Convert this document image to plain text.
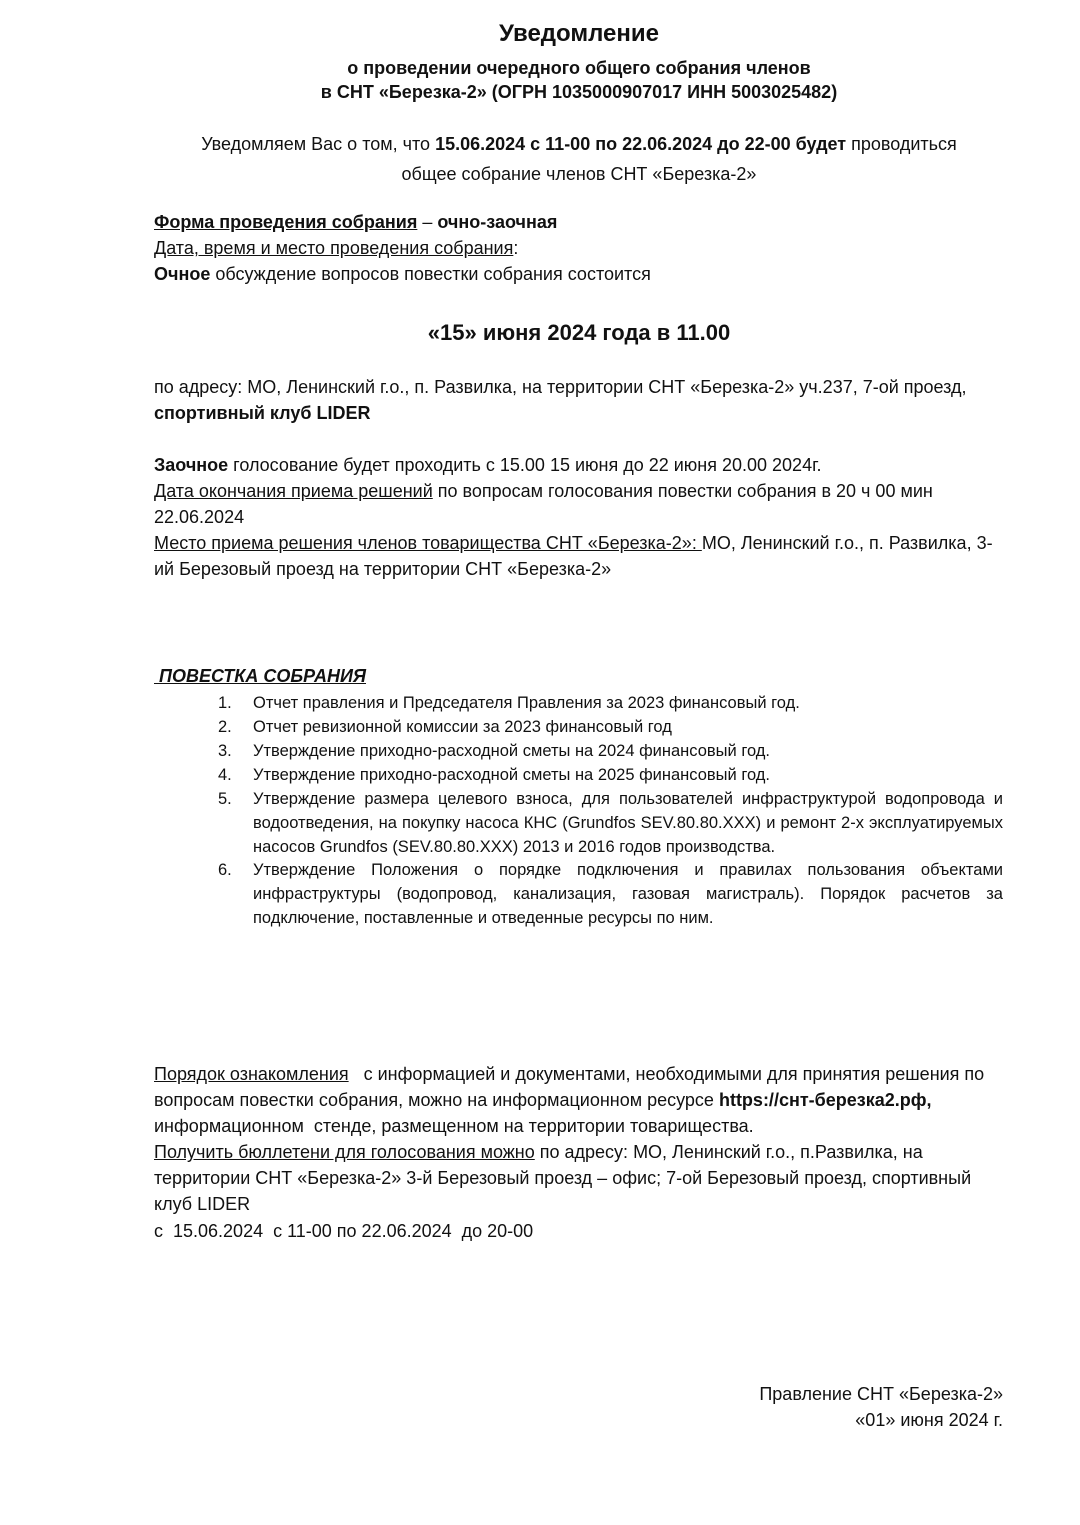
Уведомление
о проведении очередного общего собрания членов
в СНТ «Березка-2» (ОГРН 1035000907017 ИНН 5003025482)
Уведомляем Вас о том, что 15.06.2024 с 11-00 по 22.06.2024 до 22-00 будет проводиться
общее собрание членов СНТ «Березка-2»

Форма проведения собрания – очно-заочная
Дата, время и место проведения собрания:
Очное обсуждение вопросов повестки собрания состоится

«15» июня 2024 года в 11.00

по адресу: МО, Ленинский г.о., п. Развилка, на территории СНТ «Березка-2» уч.237, 7-ой проезд, спортивный клуб LIDER

Заочное голосование будет проходить с 15.00 15 июня до 22 июня 20.00 2024г.
Дата окончания приема решений по вопросам голосования повестки собрания в 20 ч 00 мин 22.06.2024
Место приема решения членов товарищества СНТ «Березка-2»: МО, Ленинский г.о., п. Развилка, 3-ий Березовый проезд на территории СНТ «Березка-2»

ПОВЕСТКА СОБРАНИЯ
1. Отчет правления и Председателя Правления за 2023 финансовый год.
2. Отчет ревизионной комиссии за 2023 финансовый год
3. Утверждение приходно-расходной сметы на 2024 финансовый год.
4. Утверждение приходно-расходной сметы на 2025 финансовый год.
5. Утверждение размера целевого взноса, для пользователей инфраструктурой водопровода и водоотведения, на покупку насоса КНС (Grundfos SEV.80.80.XXX) и ремонт 2-х эксплуатируемых насосов Grundfos (SEV.80.80.XXX) 2013 и 2016 годов производства.
6. Утверждение Положения о порядке подключения и правилах пользования объектами инфраструктуры (водопровод, канализация, газовая магистраль). Порядок расчетов за подключение, поставленные и отведенные ресурсы по ним.

Порядок ознакомления   с информацией и документами, необходимыми для принятия решения по вопросам повестки собрания, можно на информационном ресурсе https://снт-березка2.рф,  информационном  стенде, размещенном на территории товарищества.
Получить бюллетени для голосования можно по адресу: МО, Ленинский г.о., п.Развилка, на территории СНТ «Березка-2» 3-й Березовый проезд – офис; 7-ой Березовый проезд, спортивный клуб LIDER
с  15.06.2024  с 11-00 по 22.06.2024  до 20-00

Правление СНТ «Березка-2»
«01» июня 2024 г.
